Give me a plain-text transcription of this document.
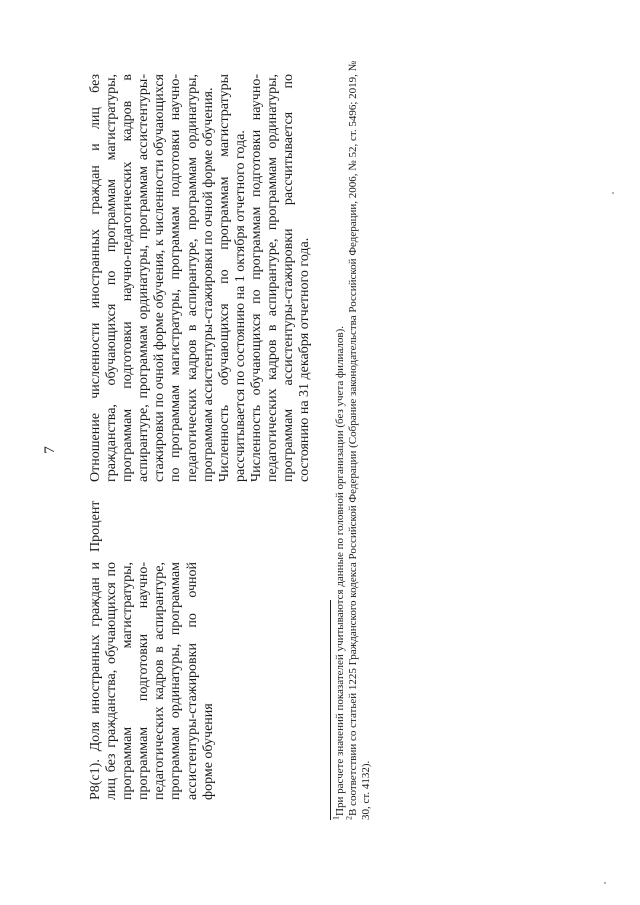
7

P8(с1). Доля иностранных граждан и лиц без гражданства, обучающихся по программам магистратуры, программам подготовки научно-педагогических кадров в аспирантуре, программам ординатуры, программам ассистентуры-стажировки по очной форме обучения

Процент

Отношение численности иностранных граждан и лиц без гражданства, обучающихся по программам магистратуры, программам подготовки научно-педагогических кадров в аспирантуре, программам ординатуры, программам ассистентуры-стажировки по очной форме обучения, к численности обучающихся по программам магистратуры, программам подготовки научно-педагогических кадров в аспирантуре, программам ординатуры, программам ассистентуры-стажировки по очной форме обучения. Численность обучающихся по программам магистратуры рассчитывается по состоянию на 1 октября отчетного года. Численность обучающихся по программам подготовки научно-педагогических кадров в аспирантуре, программам ординатуры, программам ассистентуры-стажировки рассчитывается по состоянию на 31 декабря отчетного года.

$^1$При расчете значений показателей учитываются данные по головной организации (без учета филиалов).

$^2$В соответствии со статьей 1225 Гражданского кодекса Российской Федерации (Собрание законодательства Российской Федерации, 2006, № 52, ст. 5496; 2019, № 30, ст. 4132).
